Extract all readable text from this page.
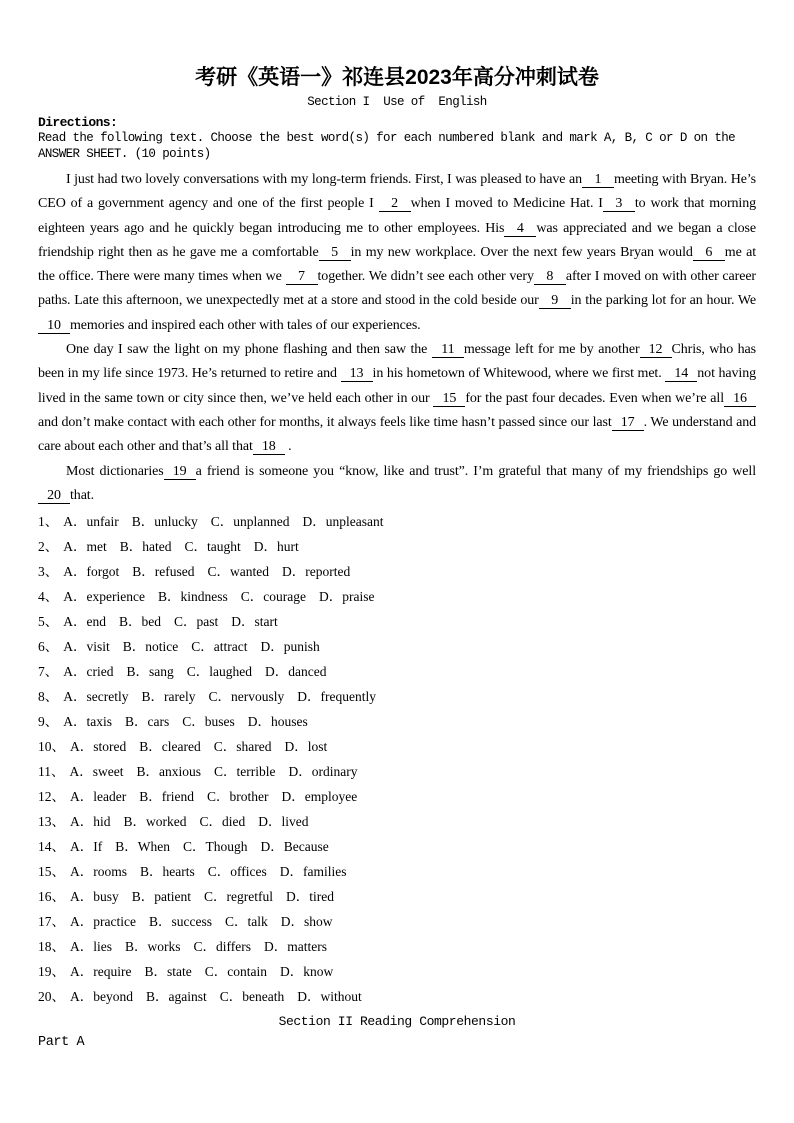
考研《英语一》祁连县2023年高分冲刺试卷
Section I  Use of  English
Directions:
Read the following text. Choose the best word(s) for each numbered blank and mark A, B, C or D on the ANSWER SHEET. (10 points)

I just had two lovely conversations with my long-term friends. First, I was pleased to have an 1 meeting with Bryan. He’s CEO of a government agency and one of the first people I 2 when I moved to Medicine Hat. I 3 to work that morning eighteen years ago and he quickly began introducing me to other employees. His 4 was appreciated and we began a close friendship right then as he gave me a comfortable 5 in my new workplace. Over the next few years Bryan would 6 me at the office. There were many times when we 7 together. We didn’t see each other very 8 after I moved on with other career paths. Late this afternoon, we unexpectedly met at a store and stood in the cold beside our 9 in the parking lot for an hour. We 10 memories and inspired each other with tales of our experiences.

One day I saw the light on my phone flashing and then saw the 11 message left for me by another 12 Chris, who has been in my life since 1973. He’s returned to retire and 13 in his hometown of Whitewood, where we first met. 14 not having lived in the same town or city since then, we’ve held each other in our 15 for the past four decades. Even when we’re all 16and don’t make contact with each other for months, it always feels like time hasn’t passed since our last 17 . We understand and care about each other and that’s all that 18 .

Most dictionaries 19 a friend is someone you “know, like and trust”. I’m grateful that many of my friendships go well 20 that.

1、 A．unfair B．unlucky C．unplanned D．unpleasant
2、 A．met B．hated C．taught D．hurt
3、 A．forgot B．refused C．wanted D．reported
4、 A．experience B．kindness C．courage D．praise
5、 A．end B．bed C．past D．start
6、 A．visit B．notice C．attract D．punish
7、 A．cried B．sang C．laughed D．danced
8、 A．secretly B．rarely C．nervously D．frequently
9、 A．taxis B．cars C．buses D．houses
10、 A．stored B．cleared C．shared D．lost
11、 A．sweet B．anxious C．terrible D．ordinary
12、 A．leader B．friend C．brother D．employee
13、 A．hid B．worked C．died D．lived
14、 A．If B．When C．Though D．Because
15、 A．rooms B．hearts C．offices D．families
16、 A．busy B．patient C．regretful D．tired
17、 A．practice B．success C．talk D．show
18、 A．lies B．works C．differs D．matters
19、 A．require B．state C．contain D．know
20、 A．beyond B．against C．beneath D．without
Section II Reading Comprehension
Part A
